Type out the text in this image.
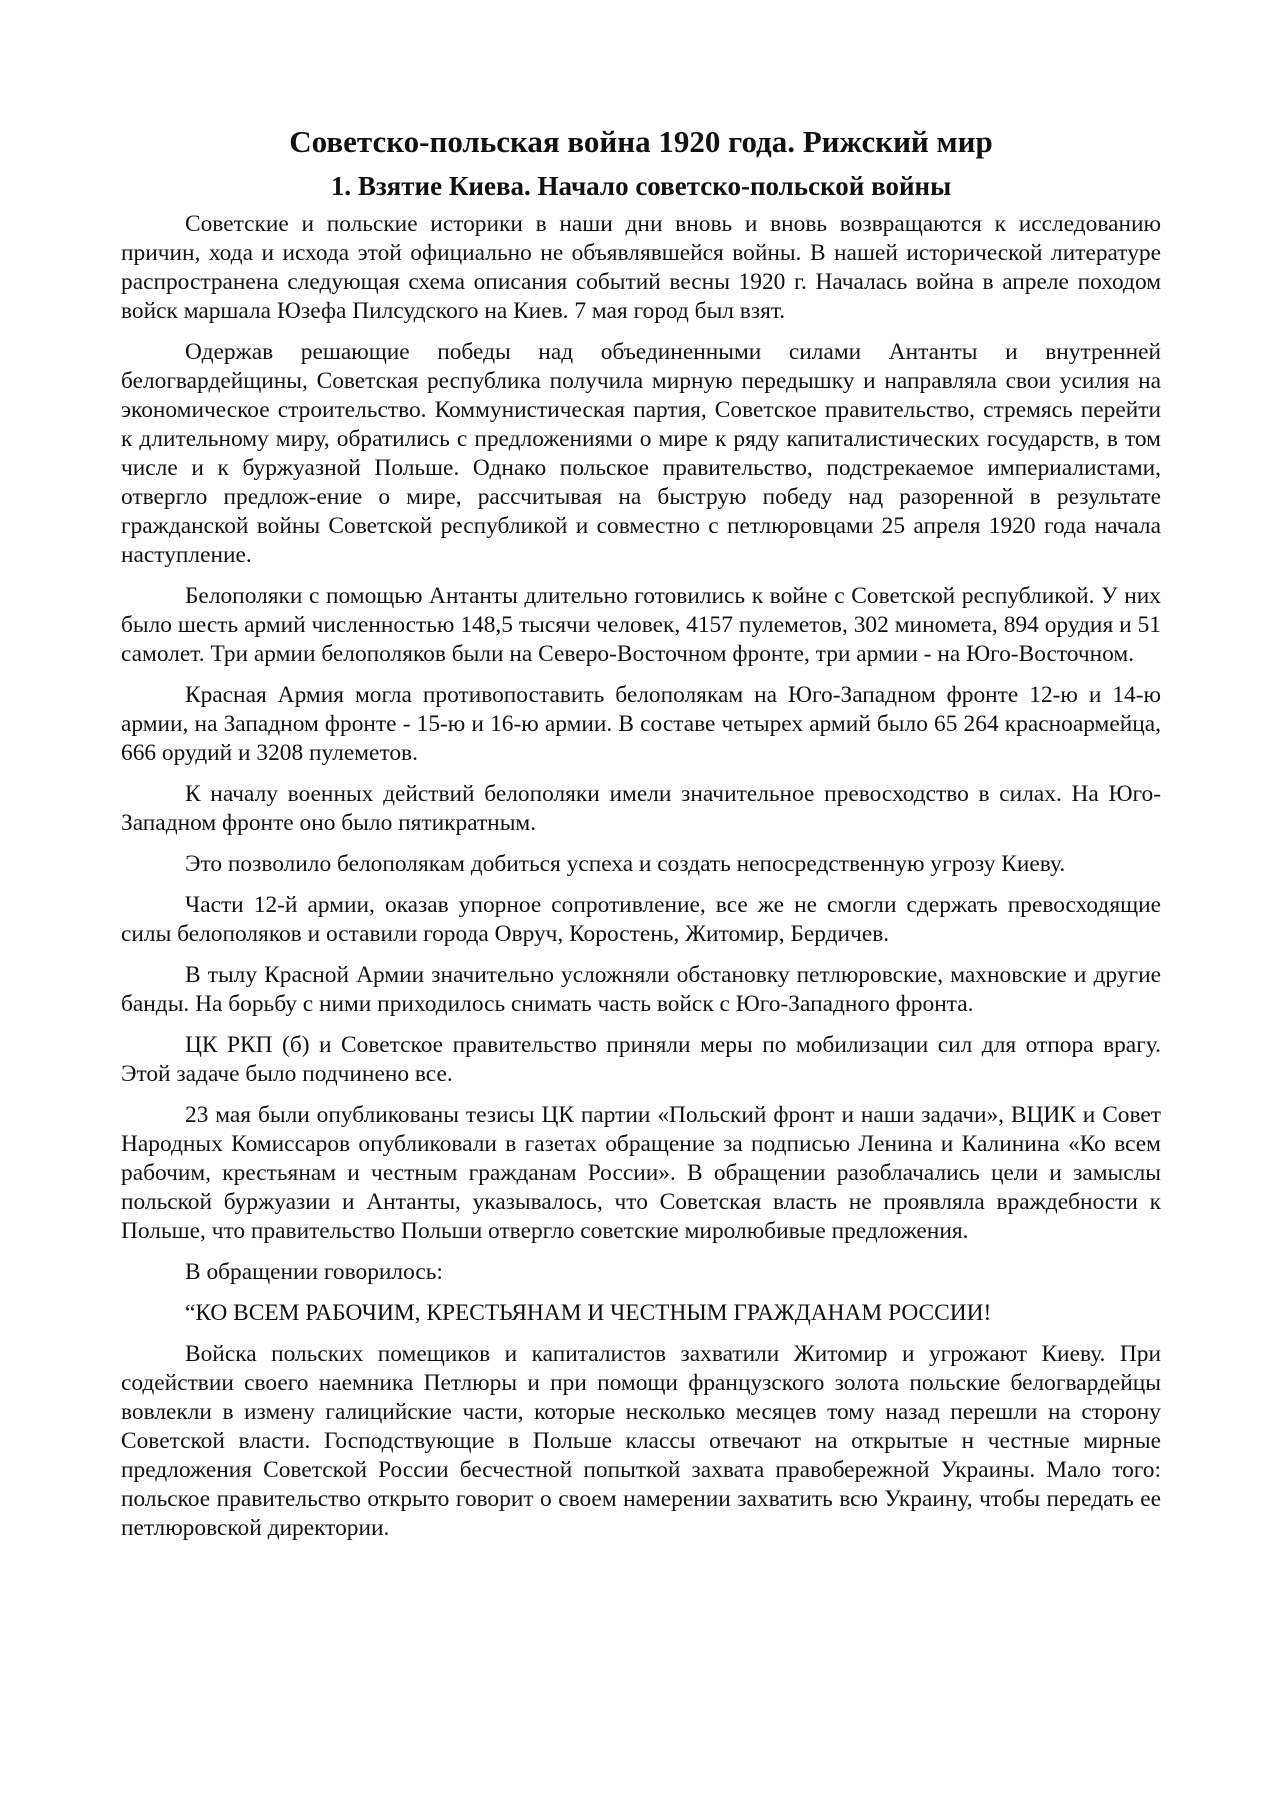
Советско-польская война 1920 года. Рижский мир
1. Взятие Киева. Начало советско-польской войны

Советские и польские историки в наши дни вновь и вновь возвращаются к исследованию причин, хода и исхода этой официально не объявлявшейся войны. В нашей исторической литературе распространена следующая схема описания событий весны 1920 г. Началась война в апреле походом войск маршала Юзефа Пилсудского на Киев. 7 мая город был взят.

Одержав решающие победы над объединенными силами Антанты и внутренней белогвардейщины, Советская республика получила мирную передышку и направляла свои усилия на экономическое строительство. Коммунистическая партия, Советское правительство, стремясь перейти к длительному миру, обратились с предложениями о мире к ряду капиталистических государств, в том числе и к буржуазной Польше. Однако польское правительство, подстрекаемое империалистами, отвергло предлож-ение о мире, рассчитывая на быструю победу над разоренной в результате гражданской войны Советской республикой и совместно с петлюровцами 25 апреля 1920 года начала наступление.

Белополяки с помощью Антанты длительно готовились к войне с Советской республикой. У них было шесть армий численностью 148,5 тысячи человек, 4157 пулеметов, 302 миномета, 894 орудия и 51 самолет. Три армии белополяков были на Северо-Восточном фронте, три армии - на Юго-Восточном.

Красная Армия могла противопоставить белополякам на Юго-Западном фронте 12-ю и 14-ю армии, на Западном фронте - 15-ю и 16-ю армии. В составе четырех армий было 65 264 красноармейца, 666 орудий и 3208 пулеметов.

К началу военных действий белополяки имели значительное превосходство в силах. На Юго-Западном фронте оно было пятикратным.

Это позволило белополякам добиться успеха и создать непосредственную угрозу Киеву.

Части 12-й армии, оказав упорное сопротивление, все же не смогли сдержать превосходящие силы белополяков и оставили города Овруч, Коростень, Житомир, Бердичев.

В тылу Красной Армии значительно усложняли обстановку петлюровские, махновские и другие банды. На борьбу с ними приходилось снимать часть войск с Юго-Западного фронта.

ЦК РКП (б) и Советское правительство приняли меры по мобилизации сил для отпора врагу. Этой задаче было подчинено все.

23 мая были опубликованы тезисы ЦК партии «Польский фронт и наши задачи», ВЦИК и Совет Народных Комиссаров опубликовали в газетах обращение за подписью Ленина и Калинина «Ко всем рабочим, крестьянам и честным гражданам России». В обращении разоблачались цели и замыслы польской буржуазии и Антанты, указывалось, что Советская власть не проявляла враждебности к Польше, что правительство Польши отвергло советские миролюбивые предложения.

В обращении говорилось:

“КО ВСЕМ РАБОЧИМ, КРЕСТЬЯНАМ И ЧЕСТНЫМ ГРАЖДАНАМ РОССИИ!

Войска польских помещиков и капиталистов захватили Житомир и угрожают Киеву. При содействии своего наемника Петлюры и при помощи французского золота польские белогвардейцы вовлекли в измену галицийские части, которые несколько месяцев тому назад перешли на сторону Советской власти. Господствующие в Польше классы отвечают на открытые н честные мирные предложения Советской России бесчестной попыткой захвата правобережной Украины. Мало того: польское правительство открыто говорит о своем намерении захватить всю Украину, чтобы передать ее петлюровской директории.
